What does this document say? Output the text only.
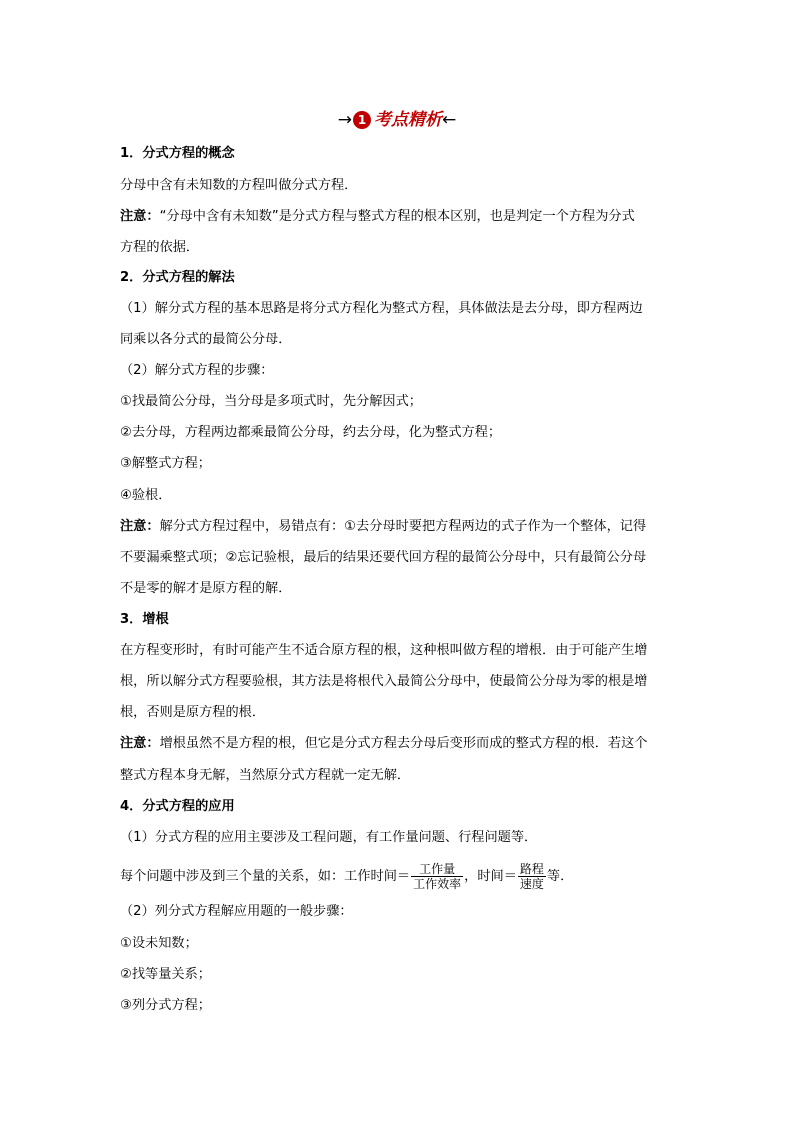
→ 1 考点精析←
1．分式方程的概念
分母中含有未知数的方程叫做分式方程．
注意：“分母中含有未知数”是分式方程与整式方程的根本区别，也是判定一个方程为分式
方程的依据．
2．分式方程的解法
（1）解分式方程的基本思路是将分式方程化为整式方程，具体做法是去分母，即方程两边
同乘以各分式的最简公分母．
（2）解分式方程的步骤：
①找最简公分母，当分母是多项式时，先分解因式；
②去分母，方程两边都乘最简公分母，约去分母，化为整式方程；
③解整式方程；
④验根．
注意：解分式方程过程中，易错点有：①去分母时要把方程两边的式子作为一个整体，记得
不要漏乘整式项；②忘记验根，最后的结果还要代回方程的最简公分母中，只有最简公分母
不是零的解才是原方程的解．
3．增根
在方程变形时，有时可能产生不适合原方程的根，这种根叫做方程的增根．由于可能产生增
根，所以解分式方程要验根，其方法是将根代入最简公分母中，使最简公分母为零的根是增
根，否则是原方程的根．
注意：增根虽然不是方程的根，但它是分式方程去分母后变形而成的整式方程的根．若这个
整式方程本身无解，当然原分式方程就一定无解．
4．分式方程的应用
（1）分式方程的应用主要涉及工程问题，有工作量问题、行程问题等．
每个问题中涉及到三个量的关系，如：工作时间＝ $\frac{\text{工作量}}{\text{工作效率}}$ ，时间＝ $\frac{\text{路程}}{\text{速度}}$ 等．
（2）列分式方程解应用题的一般步骤：
①设未知数；
②找等量关系；
③列分式方程；
